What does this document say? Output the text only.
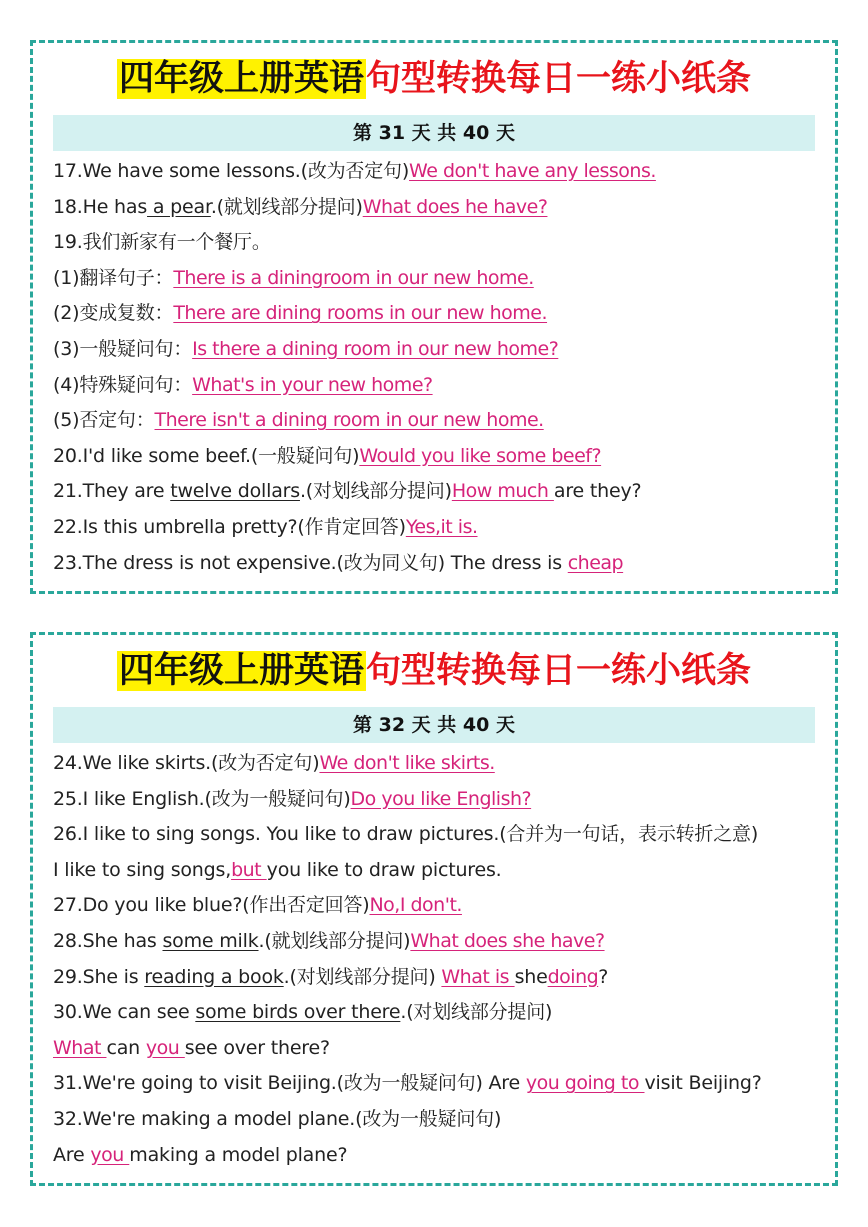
四年级上册英语句型转换每日一练小纸条
第 31 天 共 40 天
17.We have some lessons.(改为否定句)We don't have any lessons.
18.He has a pear.(就划线部分提问)What does he have?
19.我们新家有一个餐厅。
(1)翻译句子：There is a diningroom in our new home.
(2)变成复数：There are dining rooms in our new home.
(3)一般疑问句：Is there a dining room in our new home?
(4)特殊疑问句：What's in your new home?
(5)否定句：There isn't a dining room in our new home.
20.I'd like some beef.(一般疑问句)Would you like some beef?
21.They are twelve dollars.(对划线部分提问)How much are they?
22.Is this umbrella pretty?(作肯定回答)Yes,it is.
23.The dress is not expensive.(改为同义句) The dress is cheap
四年级上册英语句型转换每日一练小纸条
第 32 天 共 40 天
24.We like skirts.(改为否定句)We don't like skirts.
25.I like English.(改为一般疑问句)Do you like English?
26.I like to sing songs. You like to draw pictures.(合并为一句话，表示转折之意)
I like to sing songs,but you like to draw pictures.
27.Do you like blue?(作出否定回答)No,I don't.
28.She has some milk.(就划线部分提问)What does she have?
29.She is reading a book.(对划线部分提问) What is shedoing?
30.We can see some birds over there.(对划线部分提问)
What can you see over there?
31.We're going to visit Beijing.(改为一般疑问句) Are you going to visit Beijing?
32.We're making a model plane.(改为一般疑问句)
Are you making a model plane?
